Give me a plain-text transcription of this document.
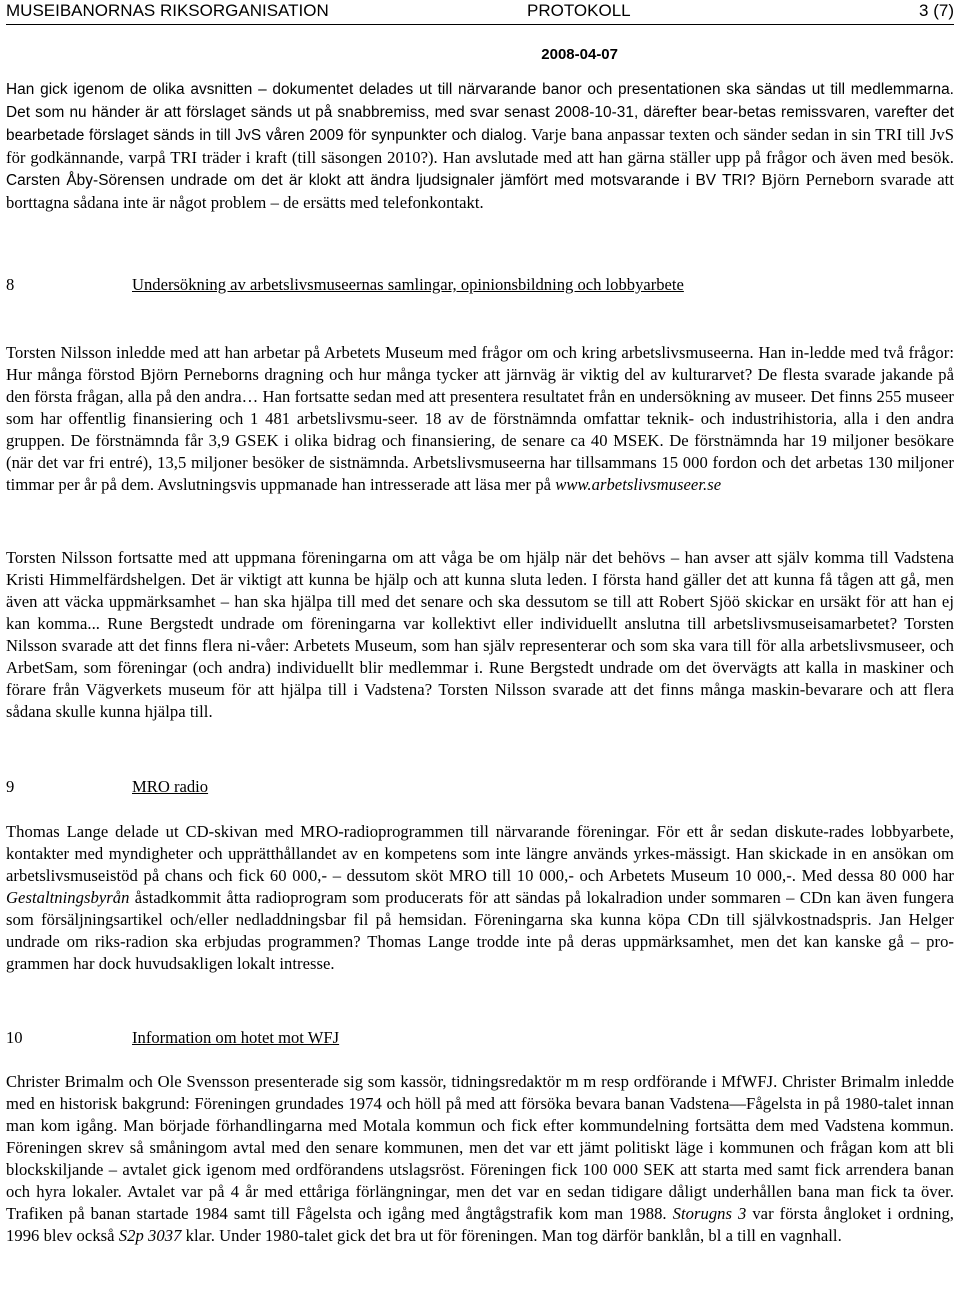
MUSEIBANORNAS RIKSORGANISATION	PROTOKOLL	3 (7)
2008-04-07

Han gick igenom de olika avsnitten – dokumentet delades ut till närvarande banor och presentationen ska sändas ut till medlemmarna. Det som nu händer är att förslaget sänds ut på snabbremiss, med svar senast 2008-10-31, därefter bear-betas remissvaren, varefter det bearbetade förslaget sänds in till JvS våren 2009 för synpunkter och dialog. Varje bana anpassar texten och sänder sedan in sin TRI till JvS för godkännande, varpå TRI träder i kraft (till säsongen 2010?). Han avslutade med att han gärna ställer upp på frågor och även med besök. Carsten Åby-Sörensen undrade om det är klokt att ändra ljudsignaler jämfört med motsvarande i BV TRI? Björn Perneborn svarade att borttagna sådana inte är något problem – de ersätts med telefonkontakt.

8	Undersökning av arbetslivsmuseernas samlingar, opinionsbildning och lobbyarbete

Torsten Nilsson inledde med att han arbetar på Arbetets Museum med frågor om och kring arbetslivsmuseerna. Han in-ledde med två frågor: Hur många förstod Björn Perneborns dragning och hur många tycker att järnväg är viktig del av kulturarvet? De flesta svarade jakande på den första frågan, alla på den andra… Han fortsatte sedan med att presentera resultatet från en undersökning av museer. Det finns 255 museer som har offentlig finansiering och 1 481 arbetslivsmu-seer. 18 av de förstnämnda omfattar teknik- och industrihistoria, alla i den andra gruppen. De förstnämnda får 3,9 GSEK i olika bidrag och finansiering, de senare ca 40 MSEK. De förstnämnda har 19 miljoner besökare (när det var fri entré), 13,5 miljoner besöker de sistnämnda. Arbetslivsmuseerna har tillsammans 15 000 fordon och det arbetas 130 miljoner timmar per år på dem. Avslutningsvis uppmanade han intresserade att läsa mer på www.arbetslivsmuseer.se

Torsten Nilsson fortsatte med att uppmana föreningarna om att våga be om hjälp när det behövs – han avser att själv komma till Vadstena Kristi Himmelfärdshelgen. Det är viktigt att kunna be hjälp och att kunna sluta leden. I första hand gäller det att kunna få tågen att gå, men även att väcka uppmärksamhet – han ska hjälpa till med det senare och ska dessutom se till att Robert Sjöö skickar en ursäkt för att han ej kan komma... Rune Bergstedt undrade om föreningarna var kollektivt eller individuellt anslutna till arbetslivsmuseisamarbetet? Torsten Nilsson svarade att det finns flera ni-våer: Arbetets Museum, som han själv representerar och som ska vara till för alla arbetslivsmuseer, och ArbetSam, som föreningar (och andra) individuellt blir medlemmar i. Rune Bergstedt undrade om det övervägts att kalla in maskiner och förare från Vägverkets museum för att hjälpa till i Vadstena? Torsten Nilsson svarade att det finns många maskin-bevarare och att flera sådana skulle kunna hjälpa till.

9	MRO radio

Thomas Lange delade ut CD-skivan med MRO-radioprogrammen till närvarande föreningar. För ett år sedan diskute-rades lobbyarbete, kontakter med myndigheter och upprätthållandet av en kompetens som inte längre används yrkes-mässigt. Han skickade in en ansökan om arbetslivsmuseistöd på chans och fick 60 000,- – dessutom sköt MRO till 10 000,- och Arbetets Museum 10 000,-. Med dessa 80 000 har Gestaltningsbyrån åstadkommit åtta radioprogram som producerats för att sändas på lokalradion under sommaren – CDn kan även fungera som försäljningsartikel och/eller nedladdningsbar fil på hemsidan. Föreningarna ska kunna köpa CDn till självkostnadspris. Jan Helger undrade om riks-radion ska erbjudas programmen? Thomas Lange trodde inte på deras uppmärksamhet, men det kan kanske gå – pro-grammen har dock huvudsakligen lokalt intresse.

10	Information om hotet mot WFJ

Christer Brimalm och Ole Svensson presenterade sig som kassör, tidningsredaktör m m resp ordförande i MfWFJ. Christer Brimalm inledde med en historisk bakgrund: Föreningen grundades 1974 och höll på med att försöka bevara banan Vadstena—Fågelsta in på 1980-talet innan man kom igång. Man började förhandlingarna med Motala kommun och fick efter kommundelning fortsätta dem med Vadstena kommun. Föreningen skrev så småningom avtal med den senare kommunen, men det var ett jämt politiskt läge i kommunen och frågan kom att bli blockskiljande – avtalet gick igenom med ordförandens utslagsröst. Föreningen fick 100 000 SEK att starta med samt fick arrendera banan och hyra lokaler. Avtalet var på 4 år med ettåriga förlängningar, men det var en sedan tidigare dåligt underhållen bana man fick ta över. Trafiken på banan startade 1984 samt till Fågelsta och igång med ångtågstrafik kom man 1988. Storugns 3 var första ångloket i ordning, 1996 blev också S2p 3037 klar. Under 1980-talet gick det bra ut för föreningen. Man tog därför banklån, bl a till en vagnhall.
